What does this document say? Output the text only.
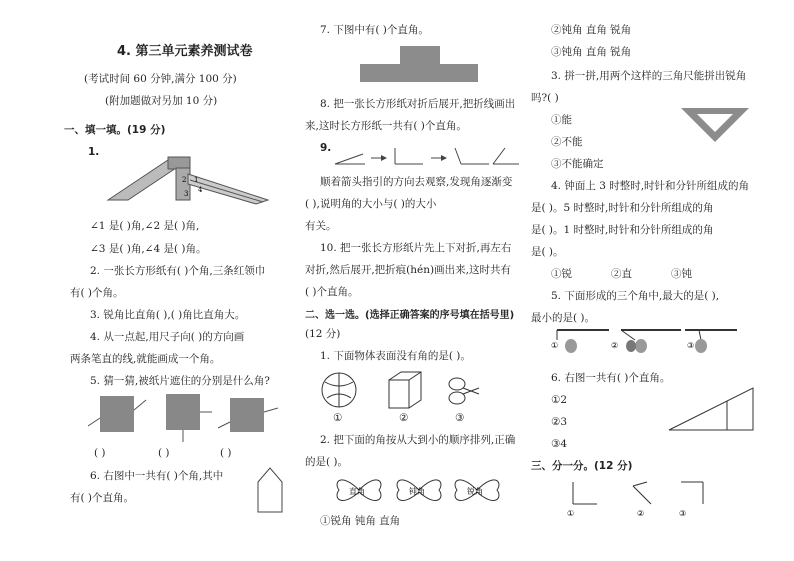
4. 第三单元素养测试卷
(考试时间 60 分钟,满分 100 分)
(附加题做对另加 10 分)
一、填一填。(19 分)
1.
1
2
3 4
∠1 是( )角,∠2 是( )角,
∠3 是( )角,∠4 是( )角。
2. 一张长方形纸有( )个角,三条红领巾
有( )个角。
3. 锐角比直角( ),( )角比直角大。
4. 从一点起,用尺子向( )的方向画
两条笔直的线,就能画成一个角。
5. 猜一猜,被纸片遮住的分别是什么角?
( )	( )	( )
6. 右图中一共有( )个角,其中
有( )个直角。
7. 下图中有( )个直角。
8. 把一张长方形纸对折后展开,把折线画出
来,这时长方形纸一共有( )个直角。
9.
顺着箭头指引的方向去观察,发现角逐渐变
( ),说明角的大小与( )的大小
有关。
10. 把一张长方形纸片先上下对折,再左右
对折,然后展开,把折痕(hén)画出来,这时共有
( )个直角。
二、选一选。(选择正确答案的序号填在括号里)
(12 分)
1. 下面物体表面没有角的是( )。
①	②	③
2. 把下面的角按从大到小的顺序排列,正确
的是( )。
直角	钝角	锐角
①锐角 钝角 直角
②钝角 直角 锐角
③钝角 直角 锐角
3. 拼一拼,用两个这样的三角尺能拼出锐角
吗?( )
①能
②不能
③不能确定
4. 钟面上 3 时整时,时针和分针所组成的角
是( )。5 时整时,时针和分针所组成的角
是( )。1 时整时,时针和分针所组成的角
是( )。
①锐	②直	③钝
5. 下面形成的三个角中,最大的是( ),
最小的是( )。
①	②	③
6. 右图一共有( )个直角。
①2
②3
③4
三、分一分。(12 分)
①	②	③
